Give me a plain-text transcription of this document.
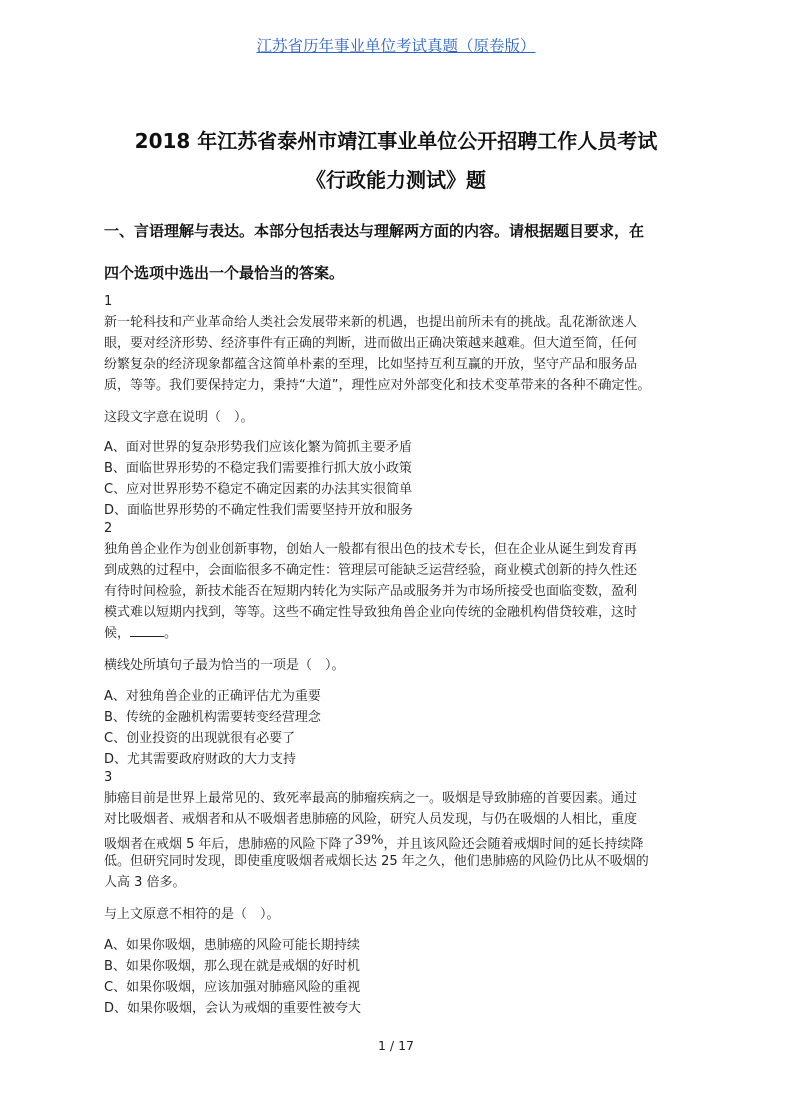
江苏省历年事业单位考试真题（原卷版）
2018 年江苏省泰州市靖江事业单位公开招聘工作人员考试
《行政能力测试》题
一、言语理解与表达。本部分包括表达与理解两方面的内容。请根据题目要求，在
四个选项中选出一个最恰当的答案。
1
新一轮科技和产业革命给人类社会发展带来新的机遇，也提出前所未有的挑战。乱花渐欲迷人
眼，要对经济形势、经济事件有正确的判断，进而做出正确决策越来越难。但大道至简，任何
纷繁复杂的经济现象都蕴含这简单朴素的至理，比如坚持互利互赢的开放，坚守产品和服务品
质，等等。我们要保持定力，秉持“大道”，理性应对外部变化和技术变革带来的各种不确定性。
这段文字意在说明（　）。
A、面对世界的复杂形势我们应该化繁为简抓主要矛盾
B、面临世界形势的不稳定我们需要推行抓大放小政策
C、应对世界形势不稳定不确定因素的办法其实很简单
D、面临世界形势的不确定性我们需要坚持开放和服务
2
独角兽企业作为创业创新事物，创始人一般都有很出色的技术专长，但在企业从诞生到发育再
到成熟的过程中，会面临很多不确定性：管理层可能缺乏运营经验，商业模式创新的持久性还
有待时间检验，新技术能否在短期内转化为实际产品或服务并为市场所接受也面临变数，盈利
模式难以短期内找到，等等。这些不确定性导致独角兽企业向传统的金融机构借贷较难，这时
候，	。
横线处所填句子最为恰当的一项是（　）。
A、对独角兽企业的正确评估尤为重要
B、传统的金融机构需要转变经营理念
C、创业投资的出现就很有必要了
D、尤其需要政府财政的大力支持
3
肺癌目前是世界上最常见的、致死率最高的肺瘤疾病之一。吸烟是导致肺癌的首要因素。通过
对比吸烟者、戒烟者和从不吸烟者患肺癌的风险，研究人员发现，与仍在吸烟的人相比，重度
吸烟者在戒烟 5 年后，患肺癌的风险下降了39%，并且该风险还会随着戒烟时间的延长持续降
低。但研究同时发现，即使重度吸烟者戒烟长达 25 年之久，他们患肺癌的风险仍比从不吸烟的
人高 3 倍多。
与上文原意不相符的是（　）。
A、如果你吸烟，患肺癌的风险可能长期持续
B、如果你吸烟，那么现在就是戒烟的好时机
C、如果你吸烟，应该加强对肺癌风险的重视
D、如果你吸烟，会认为戒烟的重要性被夸大
1 / 17
